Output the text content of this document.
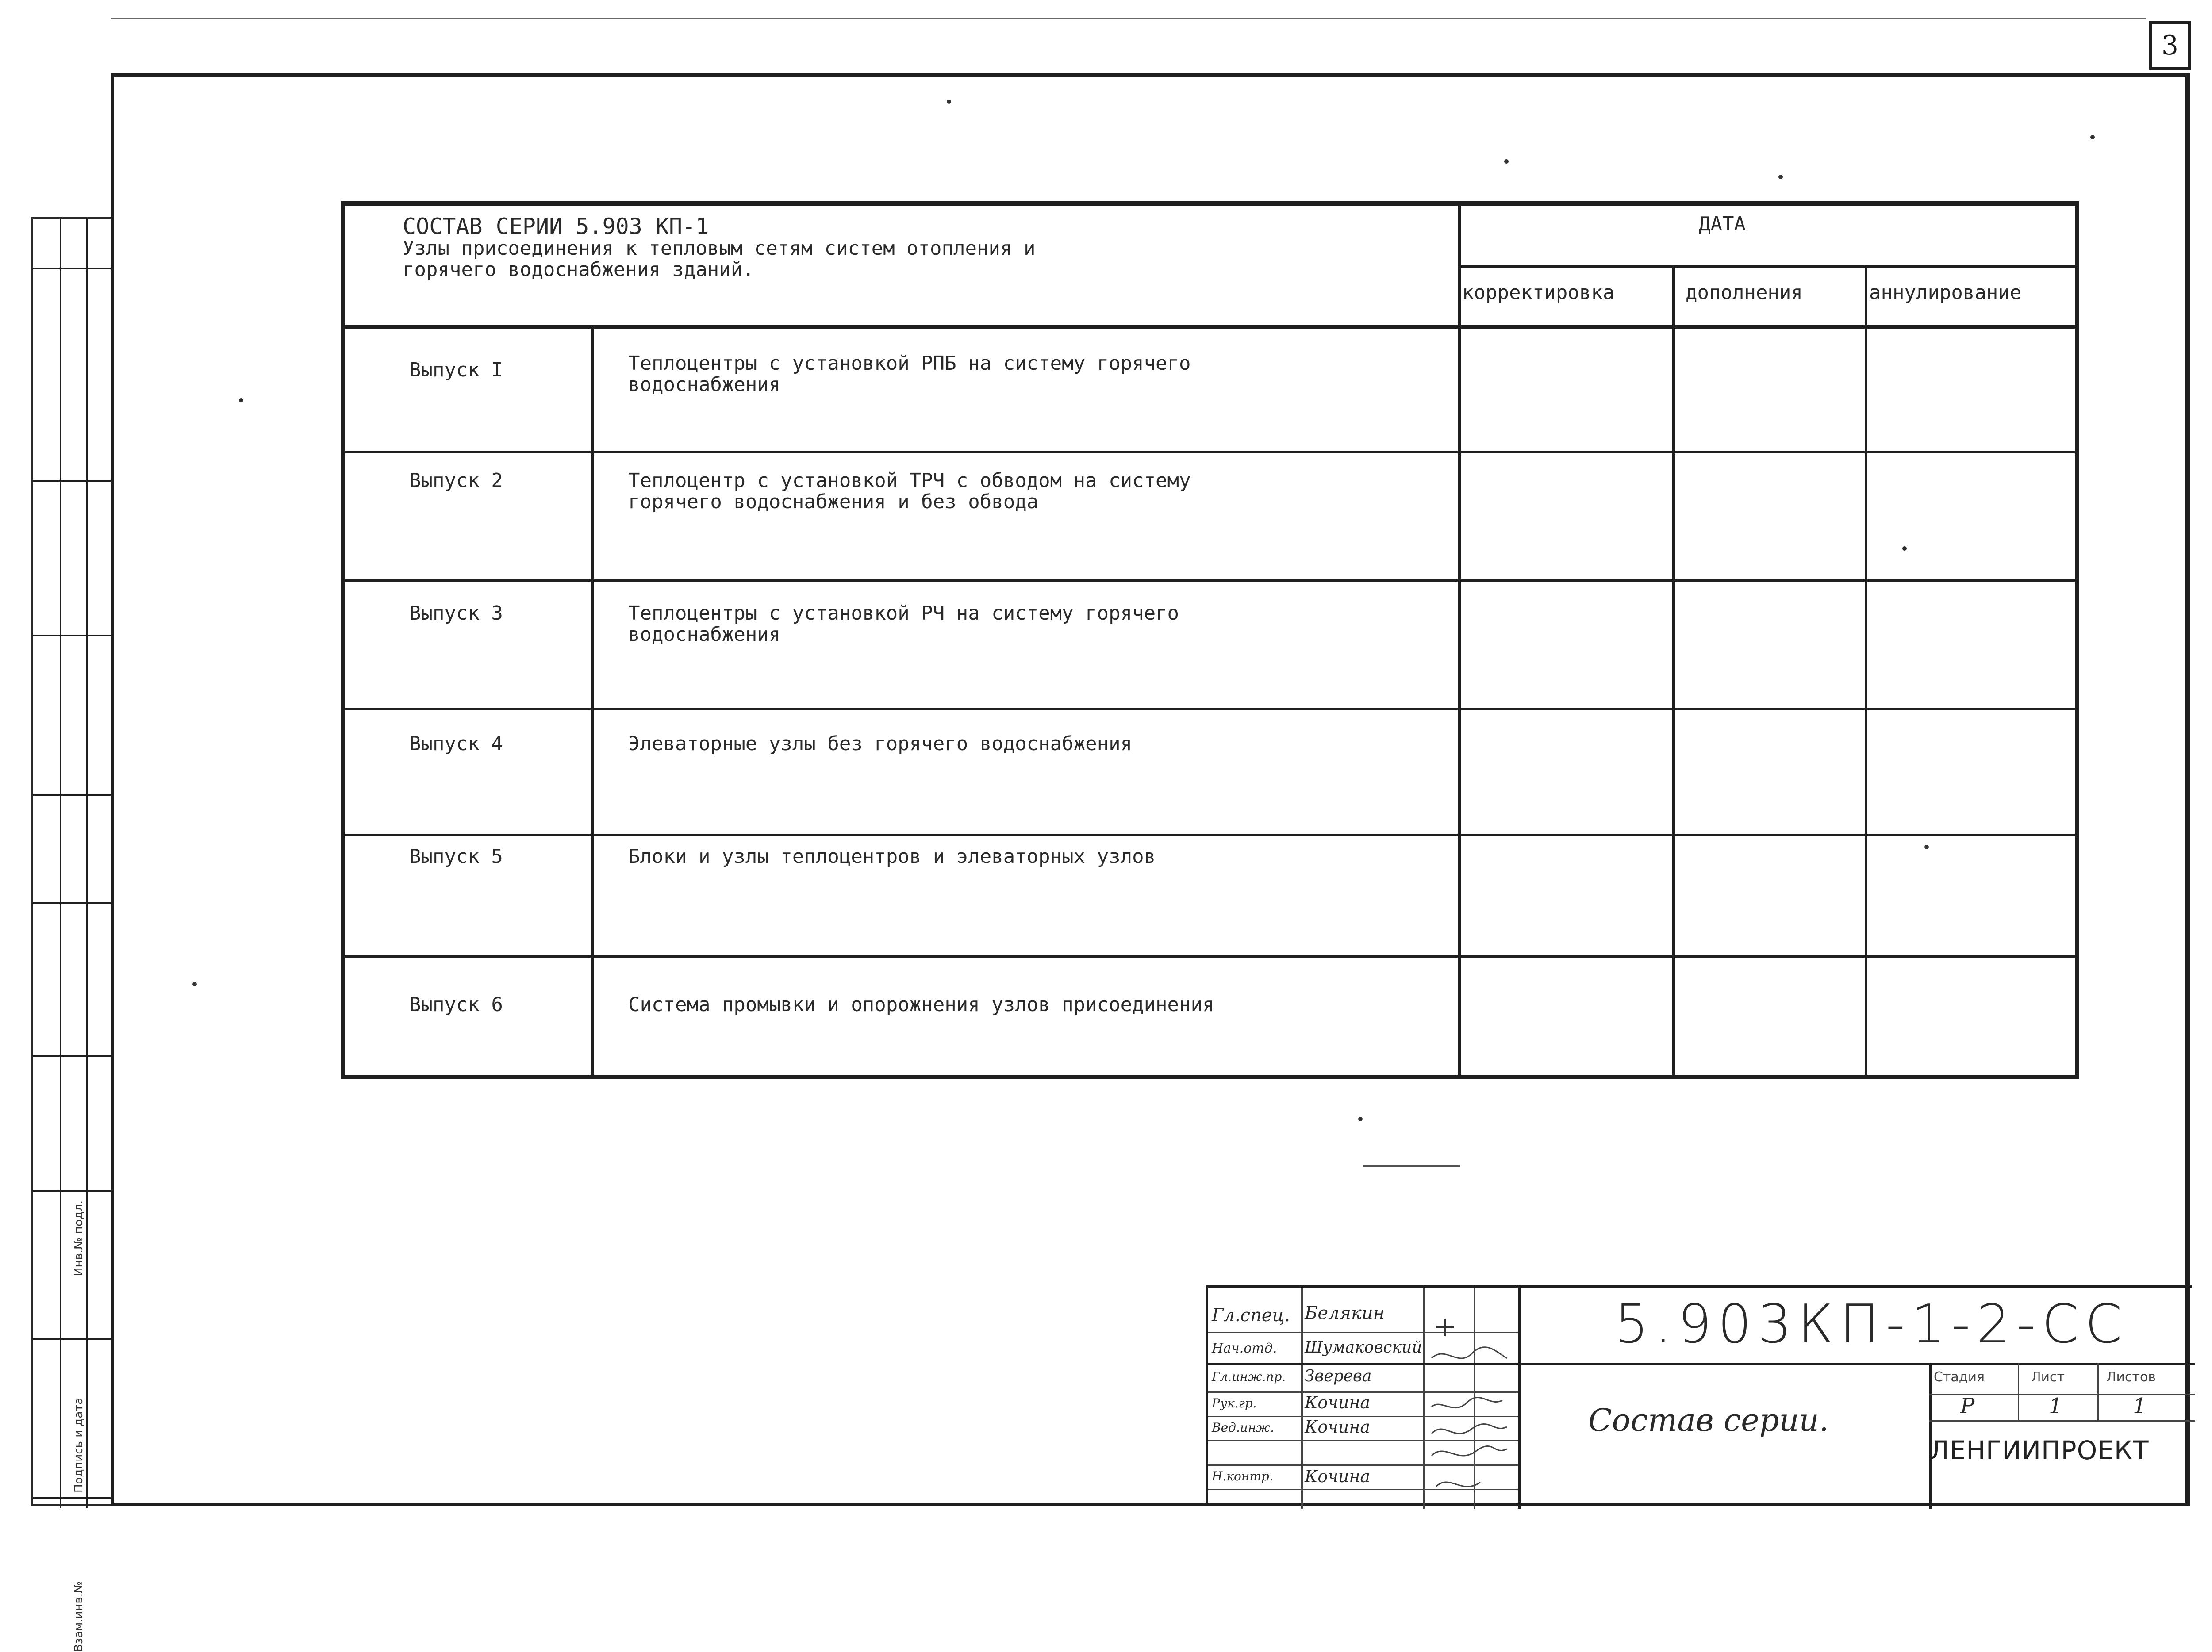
3
Инв.№ подл.
Подпись и дата
Взам.инв.№
СОСТАВ СЕРИИ 5.903 КП-1
Узлы присоединения к тепловым сетям систем отопления и
горячего водоснабжения зданий.
ДАТА
корректировка	дополнения	аннулирование
Выпуск I	Теплоцентры с установкой РПБ на систему горячего
водоснабжения
Выпуск 2	Теплоцентр с установкой ТРЧ с обводом на систему
горячего водоснабжения и без обвода
Выпуск 3	Теплоцентры с установкой РЧ на систему горячего
водоснабжения
Выпуск 4	Элеваторные узлы без горячего водоснабжения
Выпуск 5	Блоки и узлы теплоцентров и элеваторных узлов
Выпуск 6	Система промывки и опорожнения узлов присоединения
Гл.спец. Белякин
Нач.отд. Шумаковский
Гл.инж.пр. Зверева
Рук.гр.	Кочина
Вед.инж. Кочина
Н.контр. Кочина
Стадия	Лист	Листов
Р	1	1
5.903КП-1-2-СС
Состав серии.
ЛЕНГИИПРОЕКТ
